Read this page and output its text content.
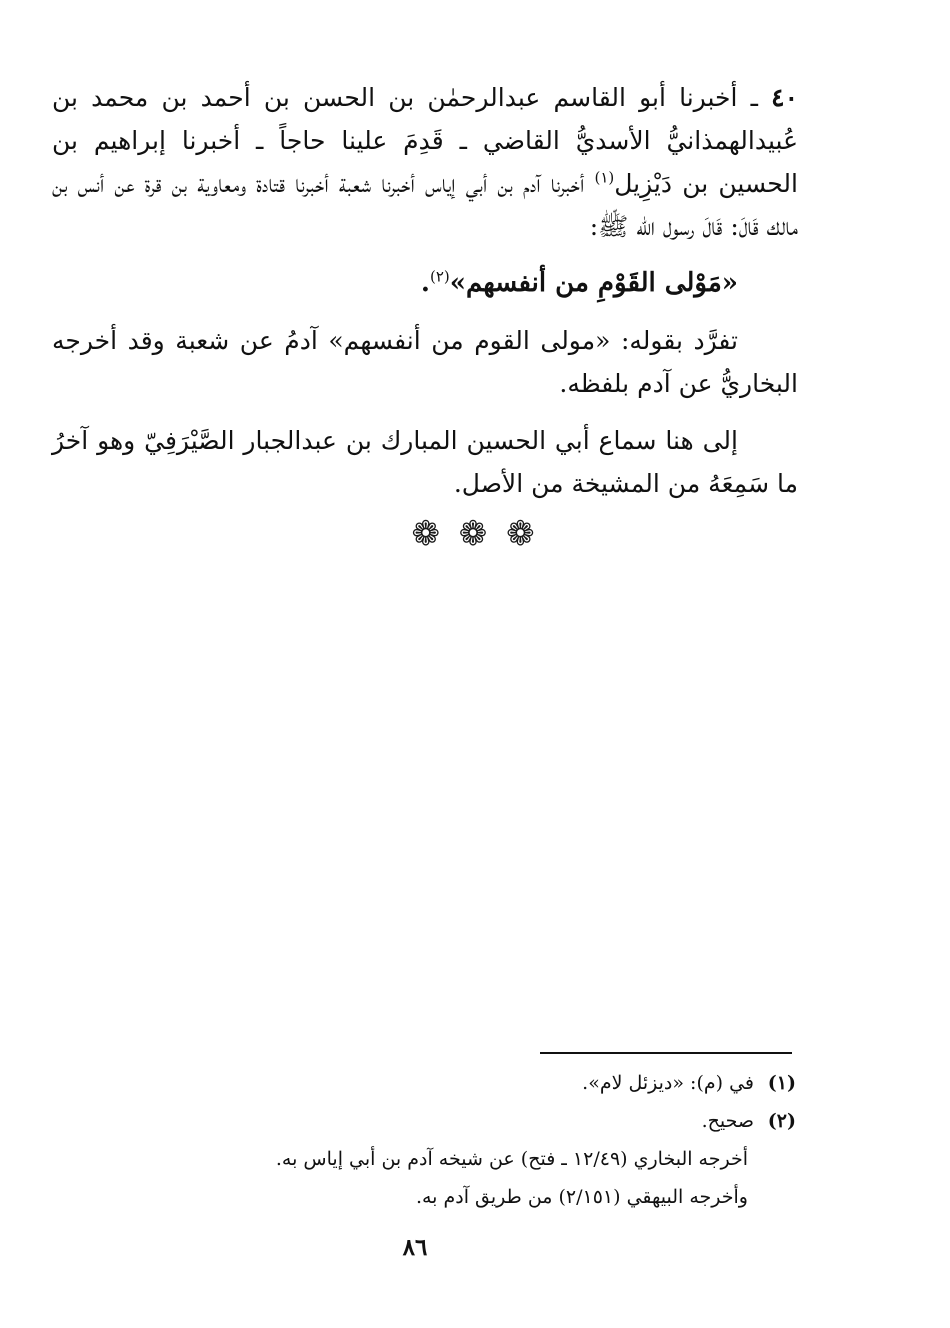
٤٠ ـ أخبرنا أبو القاسم عبدالرحمٰن بن الحسن بن أحمد بن محمد بن عُبيدالهمذانيُّ الأسديُّ القاضي ـ قَدِمَ علينا حاجاً ـ أخبرنا إبراهيم بن الحسين بن دَيْزِيل$^{(١)}$ أخبرنا آدم بن أبي إياس أخبرنا شعبة أخبرنا قتادة ومعاوية بن قرة عن أنس بن مالك قَالَ: قَالَ رسول الله ﷺ:

«مَوْلى القَوْمِ من أنفسهم»$^{(٢)}$.

تفرَّد بقوله: «مولى القوم من أنفسهم» آدمُ عن شعبة وقد أخرجه البخاريُّ عن آدم بلفظه.

إلى هنا سماع أبي الحسين المبارك بن عبدالجبار الصَّيْرَفِيّ وهو آخرُ ما سَمِعَهُ من المشيخة من الأصل.

❁ ❁ ❁

(١)في (م): «ديزئل لام».

(٢)صحيح.

أخرجه البخاري (١٢/٤٩ ـ فتح) عن شيخه آدم بن أبي إياس به.

وأخرجه البيهقي (٢/١٥١) من طريق آدم به.

٨٦
